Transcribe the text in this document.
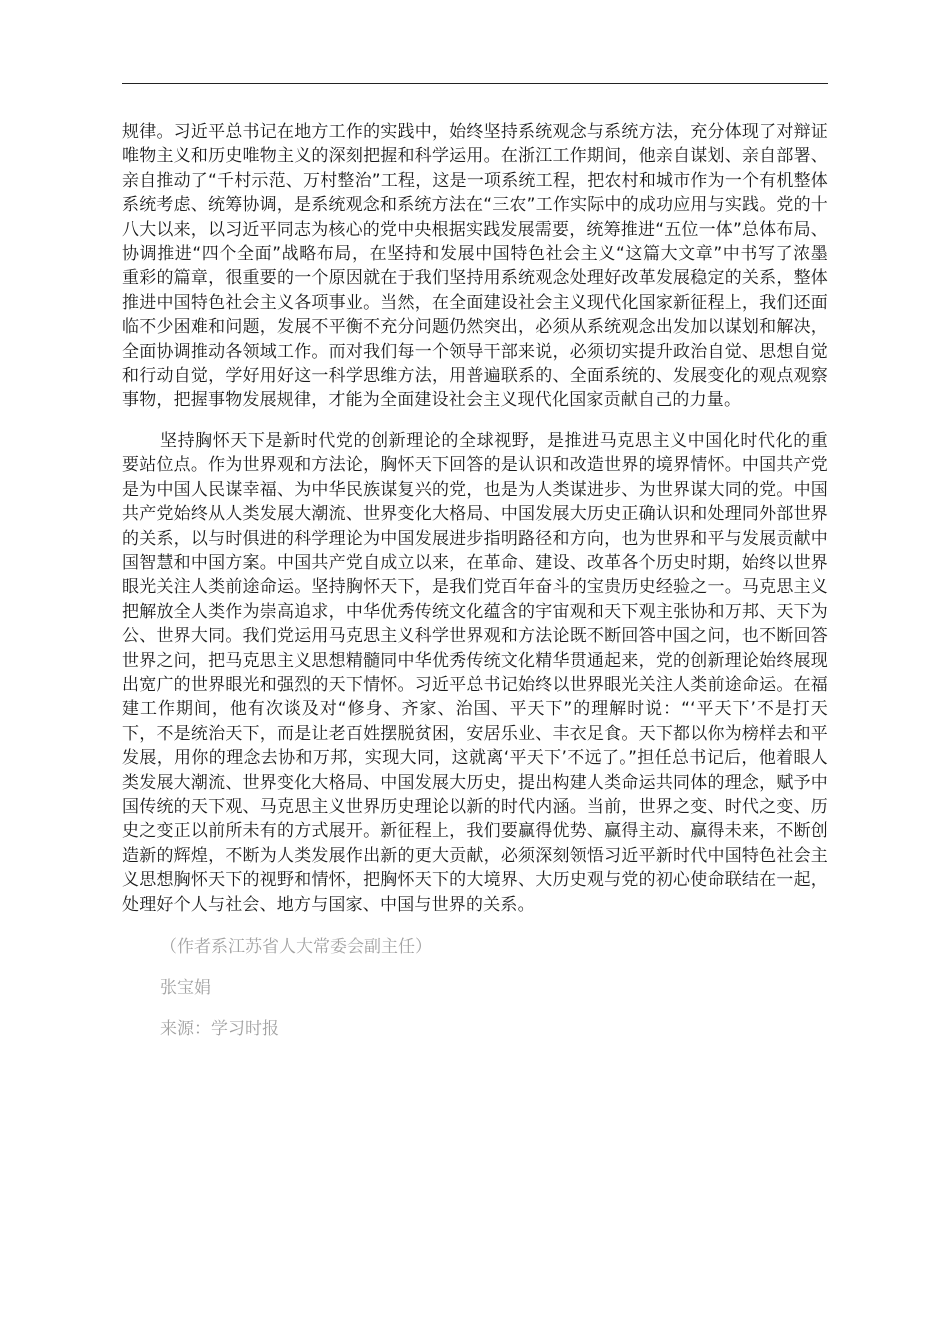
规律。习近平总书记在地方工作的实践中，始终坚持系统观念与系统方法，充分体现了对辩证唯物主义和历史唯物主义的深刻把握和科学运用。在浙江工作期间，他亲自谋划、亲自部署、亲自推动了“千村示范、万村整治”工程，这是一项系统工程，把农村和城市作为一个有机整体系统考虑、统筹协调，是系统观念和系统方法在“三农”工作实际中的成功应用与实践。党的十八大以来，以习近平同志为核心的党中央根据实践发展需要，统筹推进“五位一体”总体布局、协调推进“四个全面”战略布局，在坚持和发展中国特色社会主义“这篇大文章”中书写了浓墨重彩的篇章，很重要的一个原因就在于我们坚持用系统观念处理好改革发展稳定的关系，整体推进中国特色社会主义各项事业。当然，在全面建设社会主义现代化国家新征程上，我们还面临不少困难和问题，发展不平衡不充分问题仍然突出，必须从系统观念出发加以谋划和解决，全面协调推动各领域工作。而对我们每一个领导干部来说，必须切实提升政治自觉、思想自觉和行动自觉，学好用好这一科学思维方法，用普遍联系的、全面系统的、发展变化的观点观察事物，把握事物发展规律，才能为全面建设社会主义现代化国家贡献自己的力量。

坚持胸怀天下是新时代党的创新理论的全球视野，是推进马克思主义中国化时代化的重要站位点。作为世界观和方法论，胸怀天下回答的是认识和改造世界的境界情怀。中国共产党是为中国人民谋幸福、为中华民族谋复兴的党，也是为人类谋进步、为世界谋大同的党。中国共产党始终从人类发展大潮流、世界变化大格局、中国发展大历史正确认识和处理同外部世界的关系，以与时俱进的科学理论为中国发展进步指明路径和方向，也为世界和平与发展贡献中国智慧和中国方案。中国共产党自成立以来，在革命、建设、改革各个历史时期，始终以世界眼光关注人类前途命运。坚持胸怀天下，是我们党百年奋斗的宝贵历史经验之一。马克思主义把解放全人类作为崇高追求，中华优秀传统文化蕴含的宇宙观和天下观主张协和万邦、天下为公、世界大同。我们党运用马克思主义科学世界观和方法论既不断回答中国之问，也不断回答世界之问，把马克思主义思想精髓同中华优秀传统文化精华贯通起来，党的创新理论始终展现出宽广的世界眼光和强烈的天下情怀。习近平总书记始终以世界眼光关注人类前途命运。在福建工作期间，他有次谈及对“修身、齐家、治国、平天下”的理解时说：“‘平天下’不是打天下，不是统治天下，而是让老百姓摆脱贫困，安居乐业、丰衣足食。天下都以你为榜样去和平发展，用你的理念去协和万邦，实现大同，这就离‘平天下’不远了。”担任总书记后，他着眼人类发展大潮流、世界变化大格局、中国发展大历史，提出构建人类命运共同体的理念，赋予中国传统的天下观、马克思主义世界历史理论以新的时代内涵。当前，世界之变、时代之变、历史之变正以前所未有的方式展开。新征程上，我们要赢得优势、赢得主动、赢得未来，不断创造新的辉煌，不断为人类发展作出新的更大贡献，必须深刻领悟习近平新时代中国特色社会主义思想胸怀天下的视野和情怀，把胸怀天下的大境界、大历史观与党的初心使命联结在一起，处理好个人与社会、地方与国家、中国与世界的关系。

（作者系江苏省人大常委会副主任）

张宝娟

来源：学习时报
